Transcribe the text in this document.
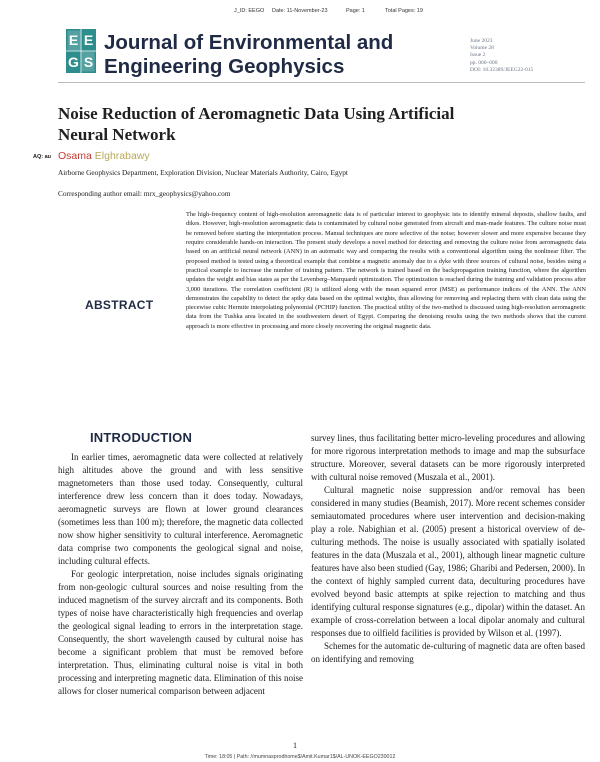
J_ID: EEGO Date: 11-November-23	Page: 1	Total Pages: 19
E E
G S
Journal of Environmental and Engineering Geophysics
June 2023
Volume 28
Issue 2
pp. 000–000
DOI: 10.32389/JEEG22-015
Noise Reduction of Aeromagnetic Data Using Artificial Neural Network
AQ: au Osama Elghrabawy
Airborne Geophysics Department, Exploration Division, Nuclear Materials Authority, Cairo, Egypt
Corresponding author email: mrx_geophysics@yahoo.com
ABSTRACT
The high-frequency content of high-resolution aeromagnetic data is of particular interest to geophysic ists to identify mineral deposits, shallow faults, and dikes. However, high-resolution aeromagnetic data is contaminated by cultural noise generated from aircraft and man-made features. The culture noise must be removed before starting the interpretation process. Manual techniques are more selective of the noise; however slower and more expensive because they require considerable hands-on interaction. The present study develops a novel method for detecting and removing the culture noise from aeromagnetic data based on an artificial neural network (ANN) in an automatic way and comparing the results with a conventional algorithm using the nonlinear filter. The proposed method is tested using a theoretical example that combine a magnetic anomaly due to a dyke with three sources of cultural noise, besides using a practical example to increase the number of training pattern. The network is trained based on the backpropagation training function, where the algorithm updates the weight and bias states as per the Levenberg–Marquardt optimization. The optimization is reached during the training and validation process after 3,000 iterations. The correlation coefficient (R) is utilized along with the mean squared error (MSE) as performance indices of the ANN. The ANN demonstrates the capability to detect the spiky data based on the optimal weights, thus allowing for removing and replacing them with clean data using the piecewise cubic Hermite interpolating polynomial (PCHIP) function. The practical utility of the two-method is discussed using high-resolution aeromagnetic data from the Tushka area located in the southwestern desert of Egypt. Comparing the denoising results using the two methods shows that the current approach is more effective in processing and more closely recovering the original magnetic data.
INTRODUCTION

In earlier times, aeromagnetic data were collected at relatively high altitudes above the ground and with less sensitive magnetometers than those used today. Consequently, cultural interference drew less concern than it does today. Nowadays, aeromagnetic surveys are flown at lower ground clearances (sometimes less than 100 m); therefore, the magnetic data collected now show higher sensitivity to cultural interference. Aeromagnetic data comprise two components the geological signal and noise, including cultural effects.

For geologic interpretation, noise includes signals originating from non-geologic cultural sources and noise resulting from the induced magnetism of the survey aircraft and its components. Both types of noise have characteristically high frequencies and overlap the geological signal leading to errors in the interpretation stage. Consequently, the short wavelength caused by cultural noise has become a significant problem that must be removed before interpretation. Thus, eliminating cultural noise is vital in both processing and interpreting magnetic data. Elimination of this noise allows for closer numerical comparison between adjacent

survey lines, thus facilitating better micro-leveling procedures and allowing for more rigorous interpretation methods to image and map the subsurface structure. Moreover, several datasets can be more rigorously interpreted with cultural noise removed (Muszala et al., 2001).

Cultural magnetic noise suppression and/or removal has been considered in many studies (Beamish, 2017). More recent schemes consider semiautomated procedures where user intervention and decision-making play a role. Nabighian et al. (2005) present a historical overview of de-culturing methods. The noise is usually associated with spatially isolated features in the data (Muszala et al., 2001), although linear magnetic culture features have also been studied (Gay, 1986; Gharibi and Pedersen, 2000). In the context of highly sampled current data, deculturing procedures have evolved beyond basic attempts at spike rejection to matching and thus identifying cultural response signatures (e.g., dipolar) within the dataset. An example of cross-correlation between a local dipolar anomaly and cultural responses due to oilfield facilities is provided by Wilson et al. (1997).

Schemes for the automatic de-culturing of magnetic data are often based on identifying and removing

1
Time: 18:05 | Path: //mumnasprodhome$/Amit.Kumar1$/AL-UNOK-EEGO230012
